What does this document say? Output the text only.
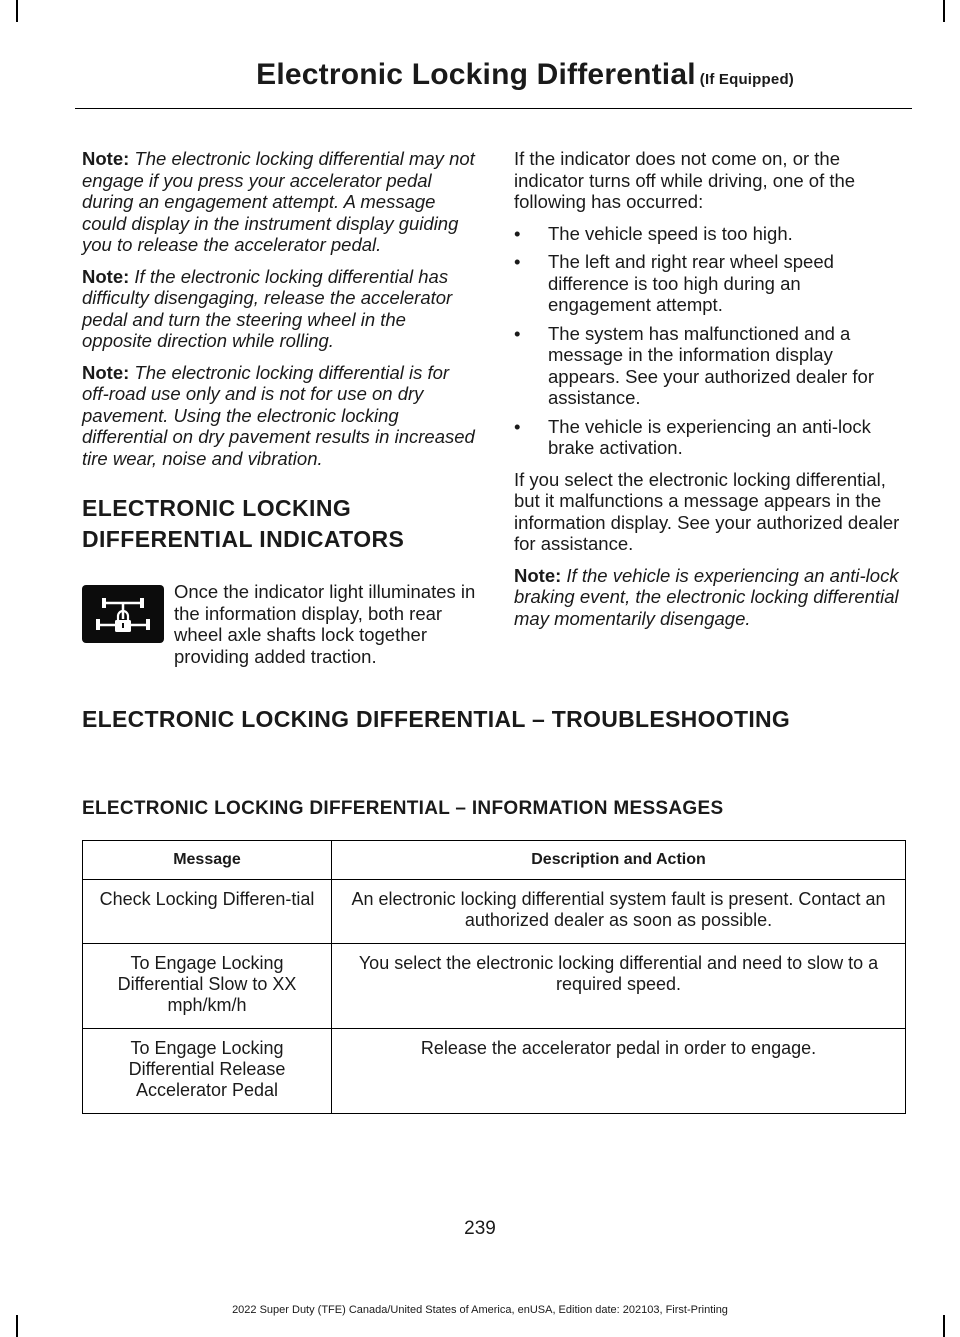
Electronic Locking Differential (If Equipped)

Note: The electronic locking differential may not engage if you press your accelerator pedal during an engagement attempt. A message could display in the instrument display guiding you to release the accelerator pedal.

Note: If the electronic locking differential has difficulty disengaging, release the accelerator pedal and turn the steering wheel in the opposite direction while rolling.

Note: The electronic locking differential is for off-road use only and is not for use on dry pavement. Using the electronic locking differential on dry pavement results in increased tire wear, noise and vibration.

ELECTRONIC LOCKING
DIFFERENTIAL INDICATORS
Once the indicator light illuminates in the information display, both rear wheel axle shafts lock together providing added traction.

If the indicator does not come on, or the indicator turns off while driving, one of the following has occurred:

• The vehicle speed is too high.
• The left and right rear wheel speed difference is too high during an engagement attempt.
• The system has malfunctioned and a message in the information display appears. See your authorized dealer for assistance.
• The vehicle is experiencing an anti-lock brake activation.

If you select the electronic locking differential, but it malfunctions a message appears in the information display. See your authorized dealer for assistance.

Note: If the vehicle is experiencing an anti-lock braking event, the electronic locking differential may momentarily disengage.

ELECTRONIC LOCKING DIFFERENTIAL – TROUBLESHOOTING
ELECTRONIC LOCKING DIFFERENTIAL – INFORMATION MESSAGES
Message	Description and Action
Check Locking Differen-tial	An electronic locking differential system fault is present. Contact an authorized dealer as soon as possible.
To Engage Locking Differential Slow to XX mph/km/h	You select the electronic locking differential and need to slow to a required speed.
To Engage Locking Differential Release Accelerator Pedal	Release the accelerator pedal in order to engage.
239
2022 Super Duty (TFE) Canada/United States of America, enUSA, Edition date: 202103, First-Printing
